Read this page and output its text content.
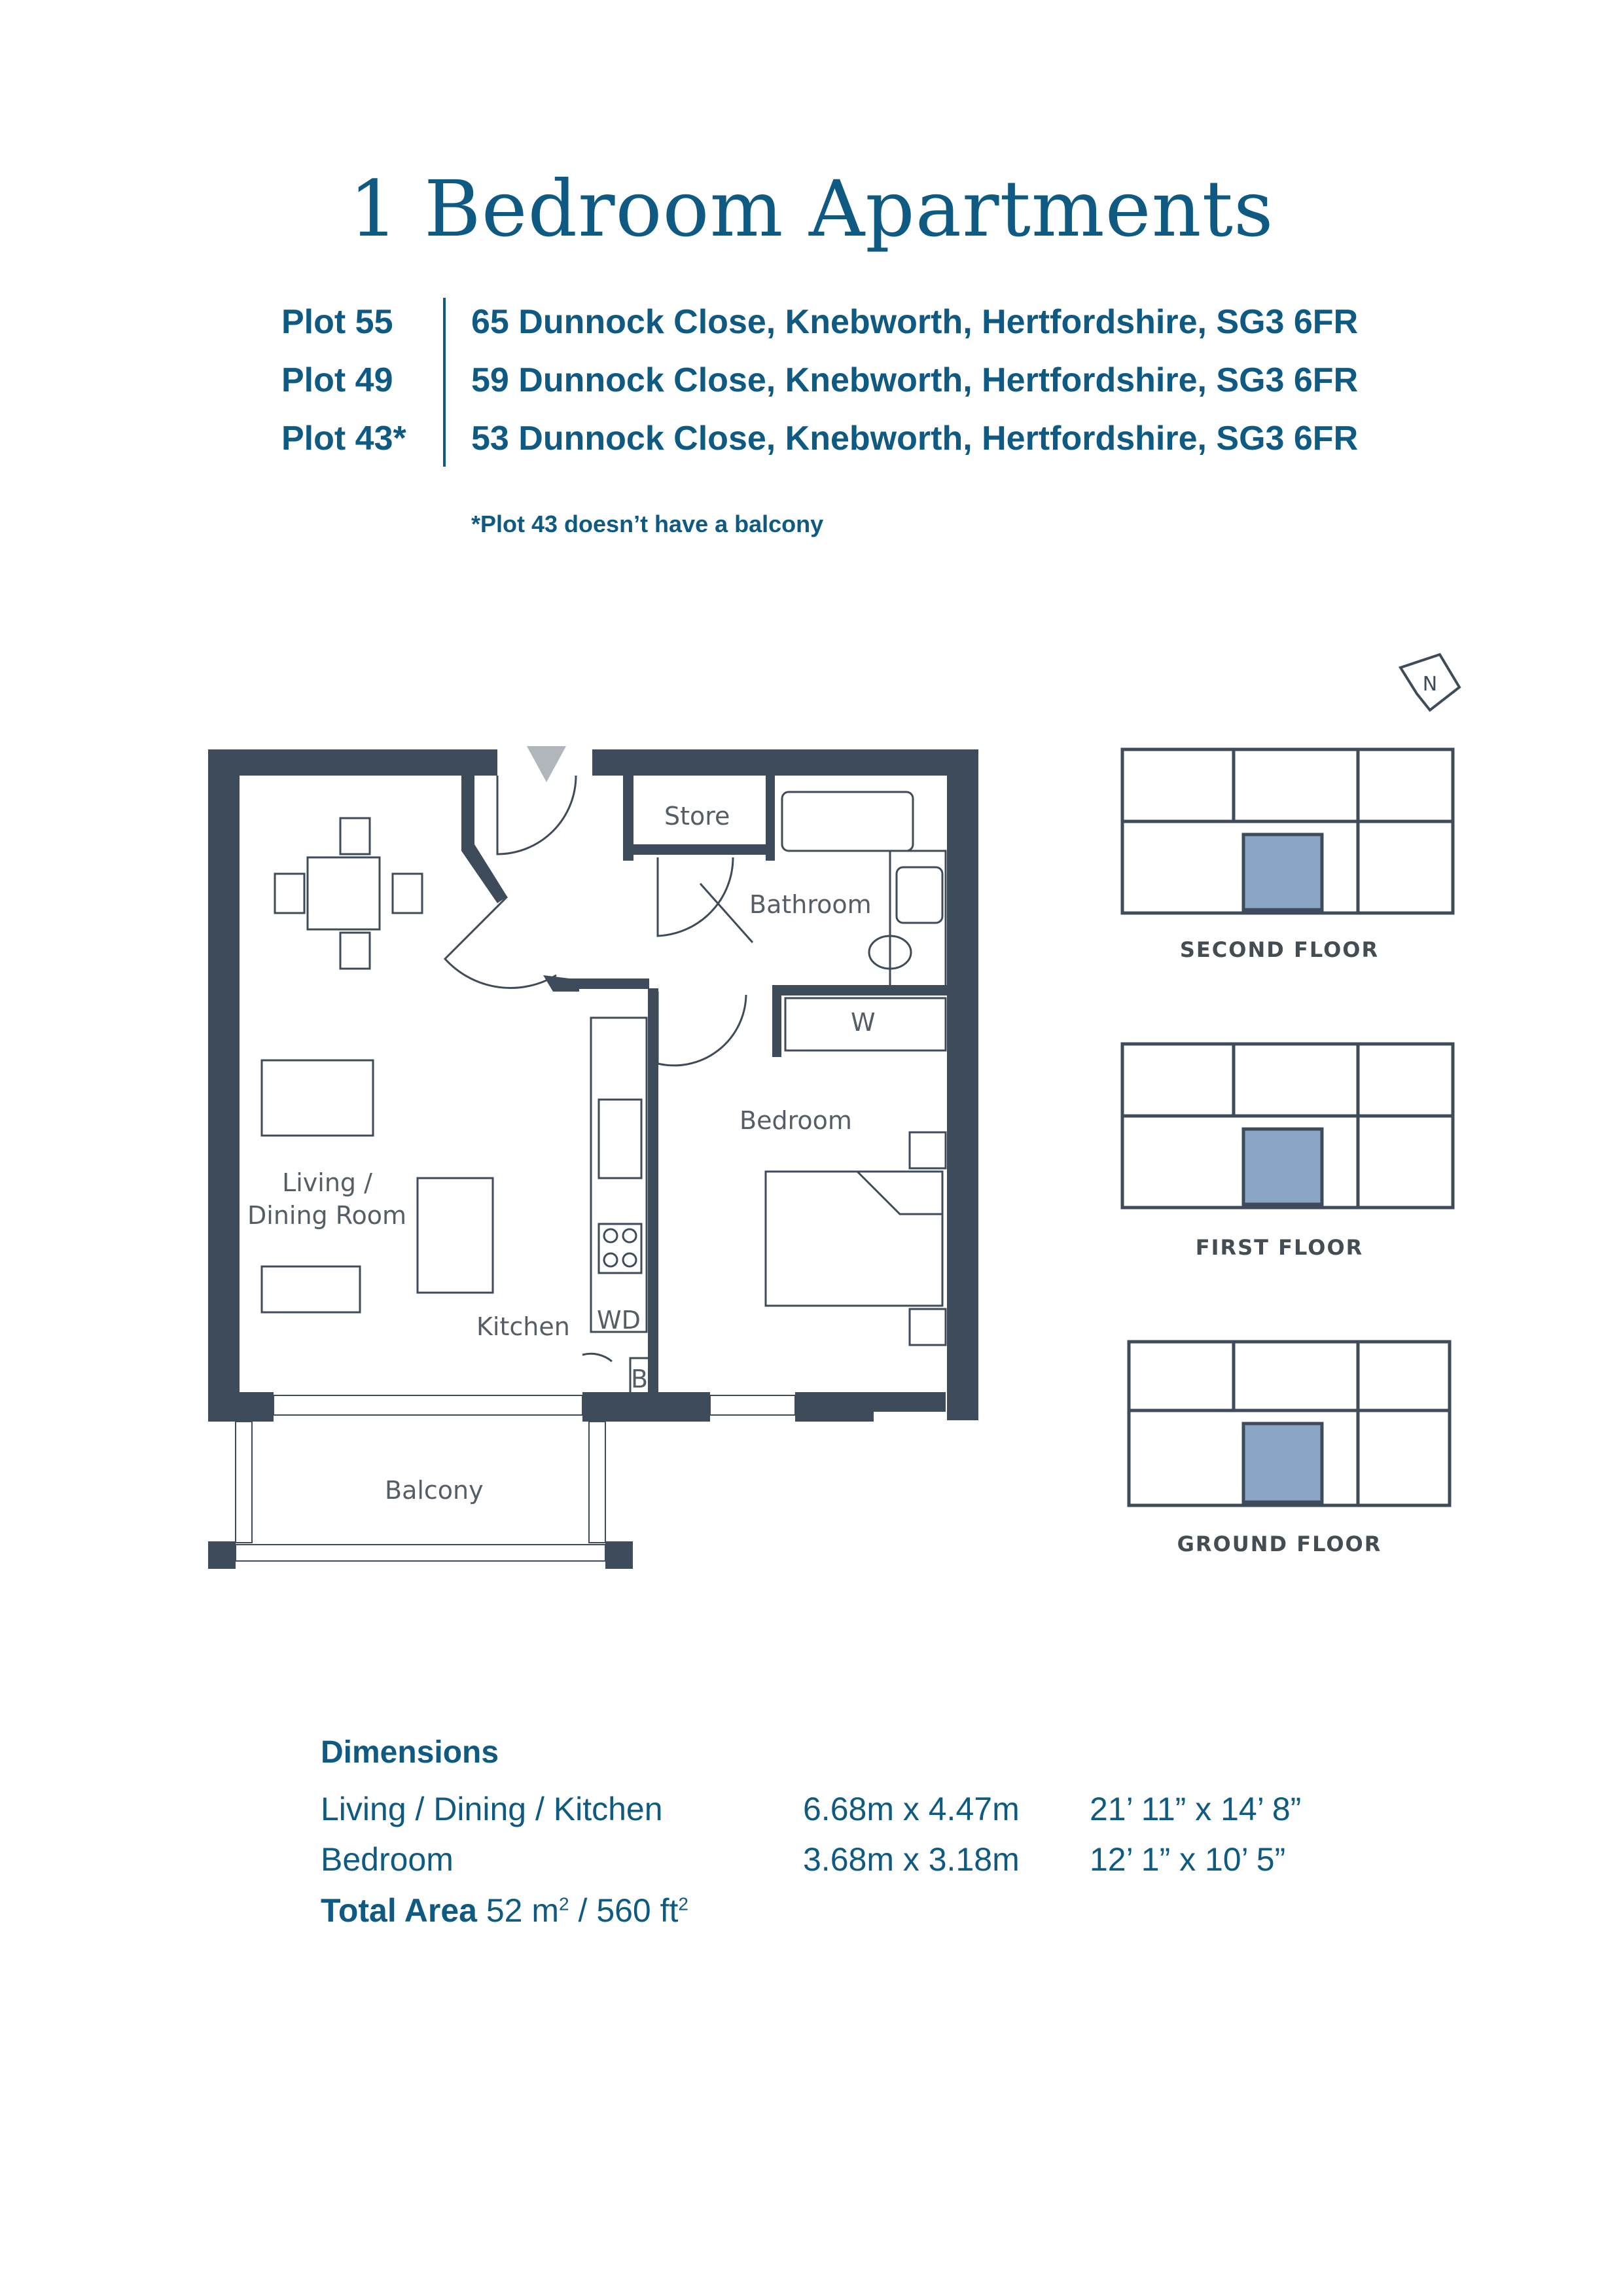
1 Bedroom Apartments
Plot 55	65 Dunnock Close, Knebworth, Hertfordshire, SG3 6FR
Plot 49	59 Dunnock Close, Knebworth, Hertfordshire, SG3 6FR
Plot 43*	53 Dunnock Close, Knebworth, Hertfordshire, SG3 6FR
*Plot 43 doesn’t have a balcony
N
Store
Bathroom
W
Bedroom
Living /
Dining Room
Kitchen WD
B
Balcony
SECOND FLOOR
FIRST FLOOR
GROUND FLOOR
Dimensions
Living / Dining / Kitchen	6.68m x 4.47m 21’ 11” x 14’ 8”
Bedroom	3.68m x 3.18m 12’ 1” x 10’ 5”
Total Area 52 $m^2 / 560$ $ft^2$
